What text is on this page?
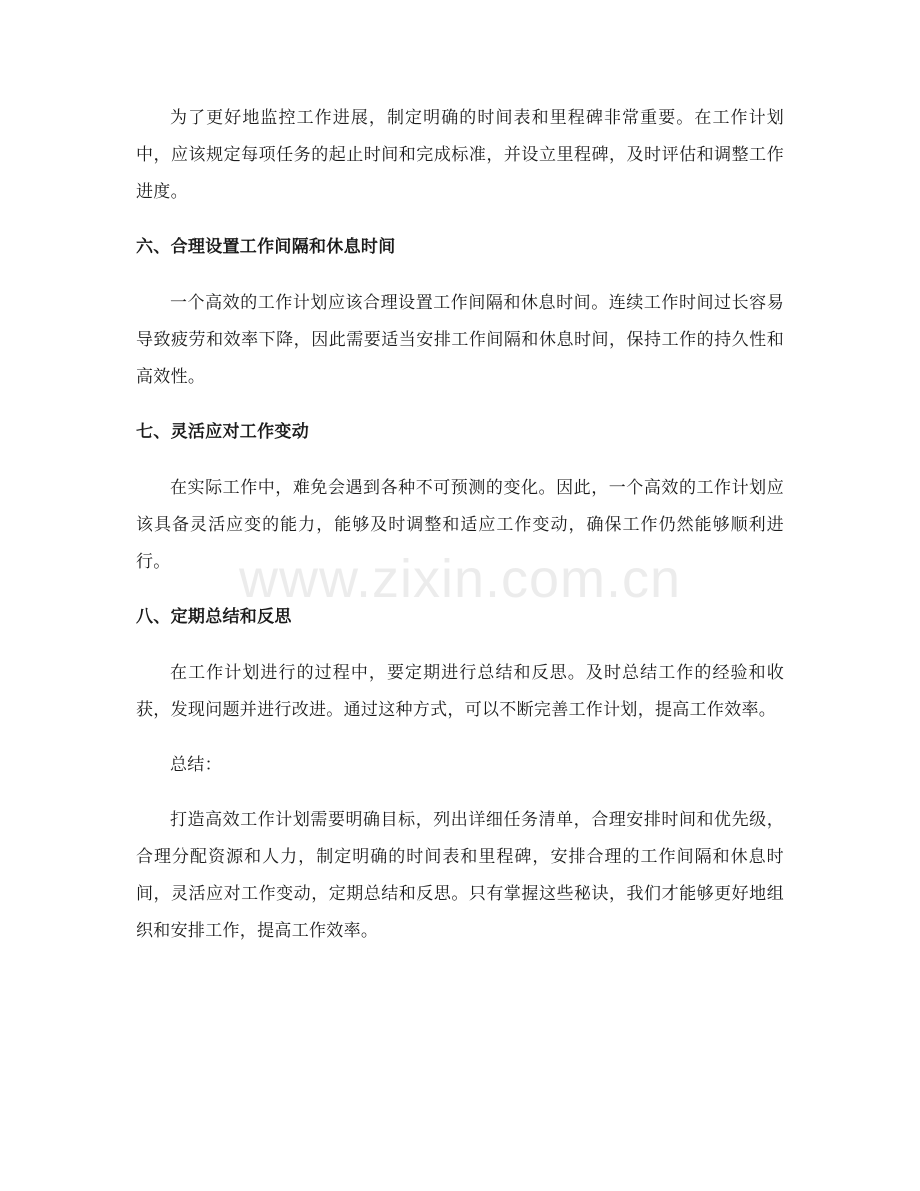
为了更好地监控工作进展，制定明确的时间表和里程碑非常重要。在工作计划中，应该规定每项任务的起止时间和完成标准，并设立里程碑，及时评估和调整工作进度。

六、合理设置工作间隔和休息时间

一个高效的工作计划应该合理设置工作间隔和休息时间。连续工作时间过长容易导致疲劳和效率下降，因此需要适当安排工作间隔和休息时间，保持工作的持久性和高效性。

七、灵活应对工作变动

在实际工作中，难免会遇到各种不可预测的变化。因此，一个高效的工作计划应该具备灵活应变的能力，能够及时调整和适应工作变动，确保工作仍然能够顺利进行。

八、定期总结和反思

在工作计划进行的过程中，要定期进行总结和反思。及时总结工作的经验和收获，发现问题并进行改进。通过这种方式，可以不断完善工作计划，提高工作效率。

总结：

打造高效工作计划需要明确目标，列出详细任务清单，合理安排时间和优先级，合理分配资源和人力，制定明确的时间表和里程碑，安排合理的工作间隔和休息时间，灵活应对工作变动，定期总结和反思。只有掌握这些秘诀，我们才能够更好地组织和安排工作，提高工作效率。

www.zixin.com.cn
